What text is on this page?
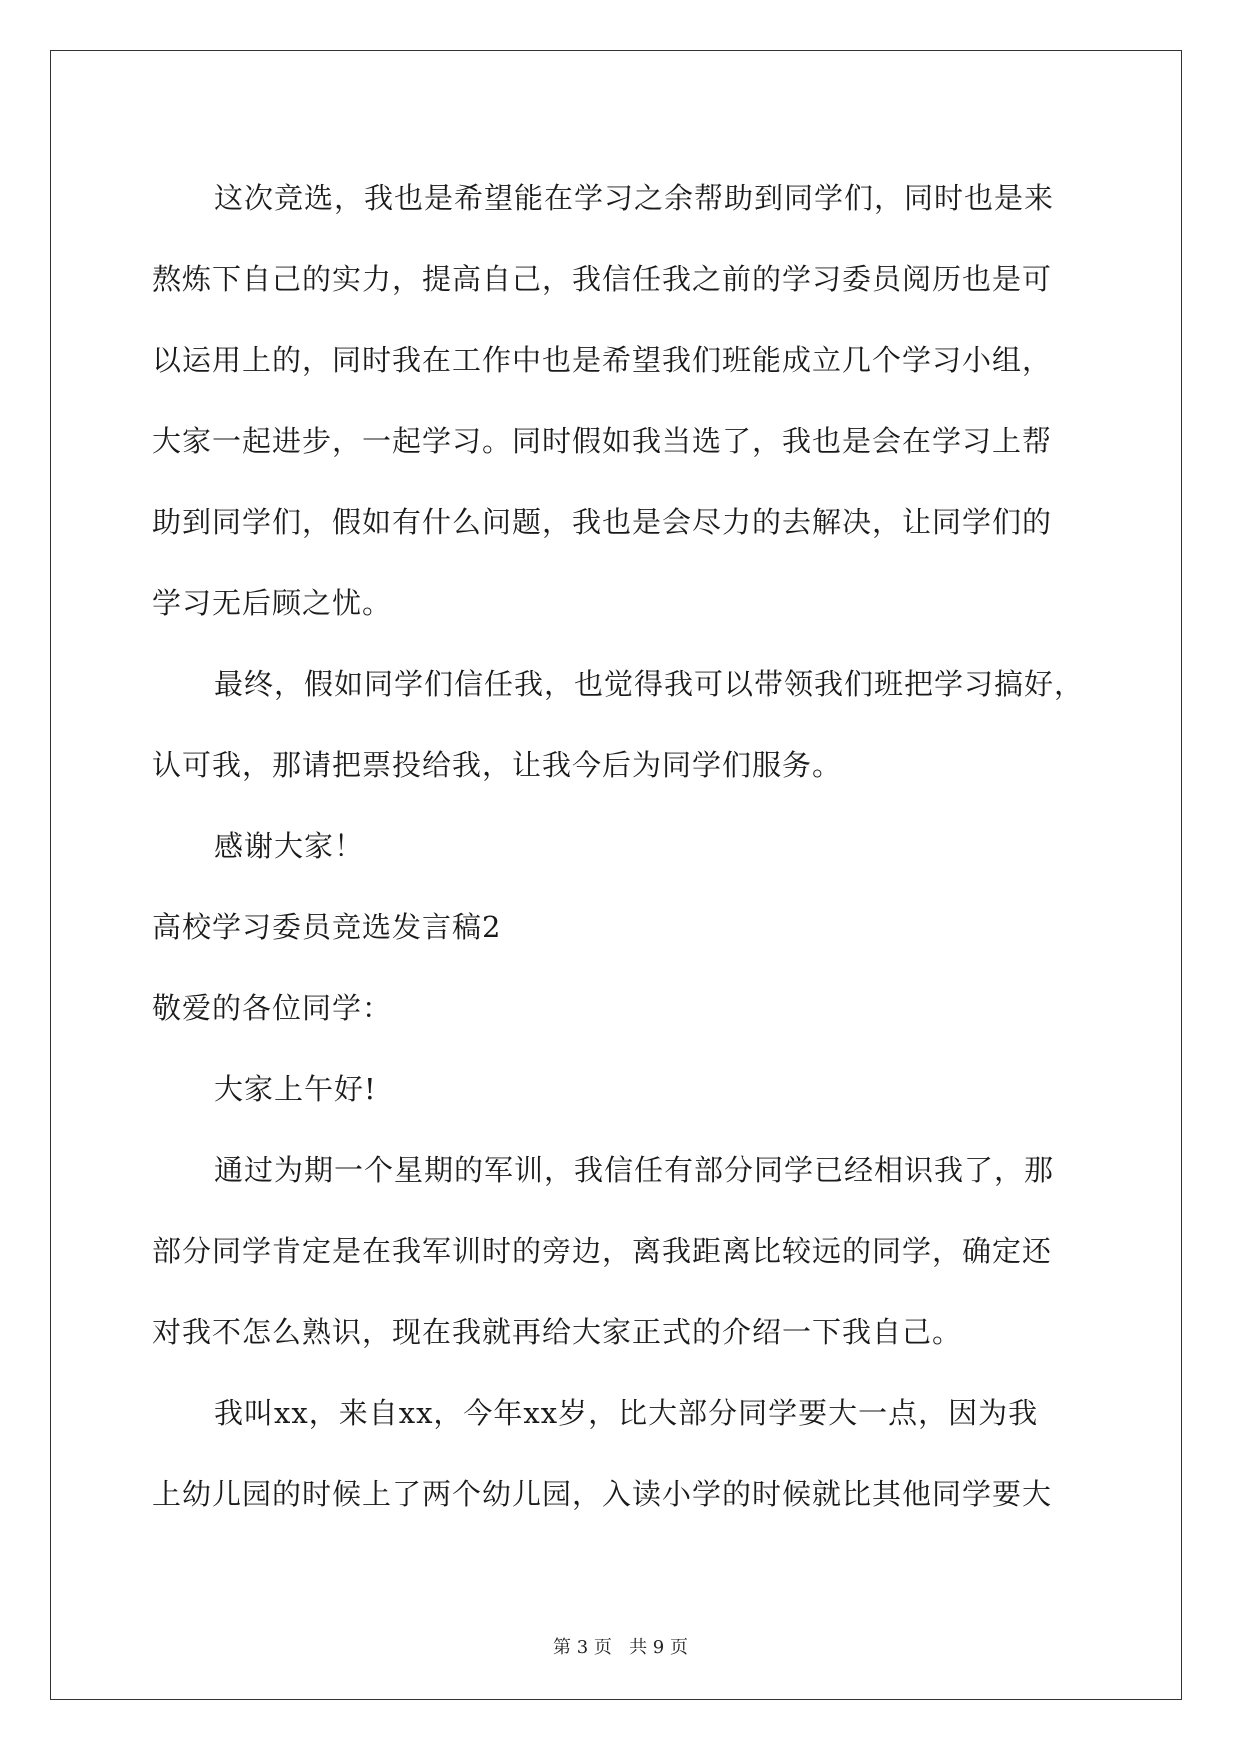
这次竞选，我也是希望能在学习之余帮助到同学们，同时也是来
熬炼下自己的实力，提高自己，我信任我之前的学习委员阅历也是可
以运用上的，同时我在工作中也是希望我们班能成立几个学习小组，
大家一起进步，一起学习。同时假如我当选了，我也是会在学习上帮
助到同学们，假如有什么问题，我也是会尽力的去解决，让同学们的
学习无后顾之忧。
最终，假如同学们信任我，也觉得我可以带领我们班把学习搞好，
认可我，那请把票投给我，让我今后为同学们服务。
感谢大家！
高校学习委员竞选发言稿2
敬爱的各位同学：
大家上午好!
通过为期一个星期的军训，我信任有部分同学已经相识我了，那
部分同学肯定是在我军训时的旁边，离我距离比较远的同学，确定还
对我不怎么熟识，现在我就再给大家正式的介绍一下我自己。
我叫xx，来自xx，今年xx岁，比大部分同学要大一点，因为我
上幼儿园的时候上了两个幼儿园，入读小学的时候就比其他同学要大
第 3 页   共 9 页
